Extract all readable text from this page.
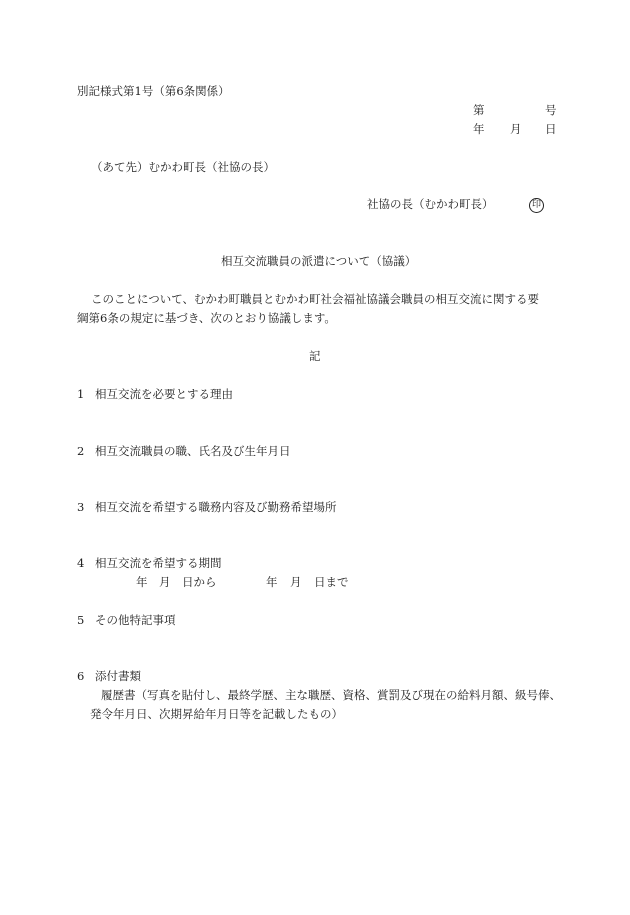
別記様式第1号（第6条関係）
第	号
年 月 日
（あて先）むかわ町長（社協の長）
社協の長（むかわ町長）	印
相互交流職員の派遣について（協議）
このことについて、むかわ町職員とむかわ町社会福祉協議会職員の相互交流に関する要
綱第6条の規定に基づき、次のとおり協議します。
記
1 相互交流を必要とする理由
2 相互交流職員の職、氏名及び生年月日
3 相互交流を希望する職務内容及び勤務希望場所
4 相互交流を希望する期間
年 月 日から	年 月 日まで
5 その他特記事項
6 添付書類
履歴書（写真を貼付し、最終学歴、主な職歴、資格、賞罰及び現在の給料月額、級号俸、
発令年月日、次期昇給年月日等を記載したもの）
